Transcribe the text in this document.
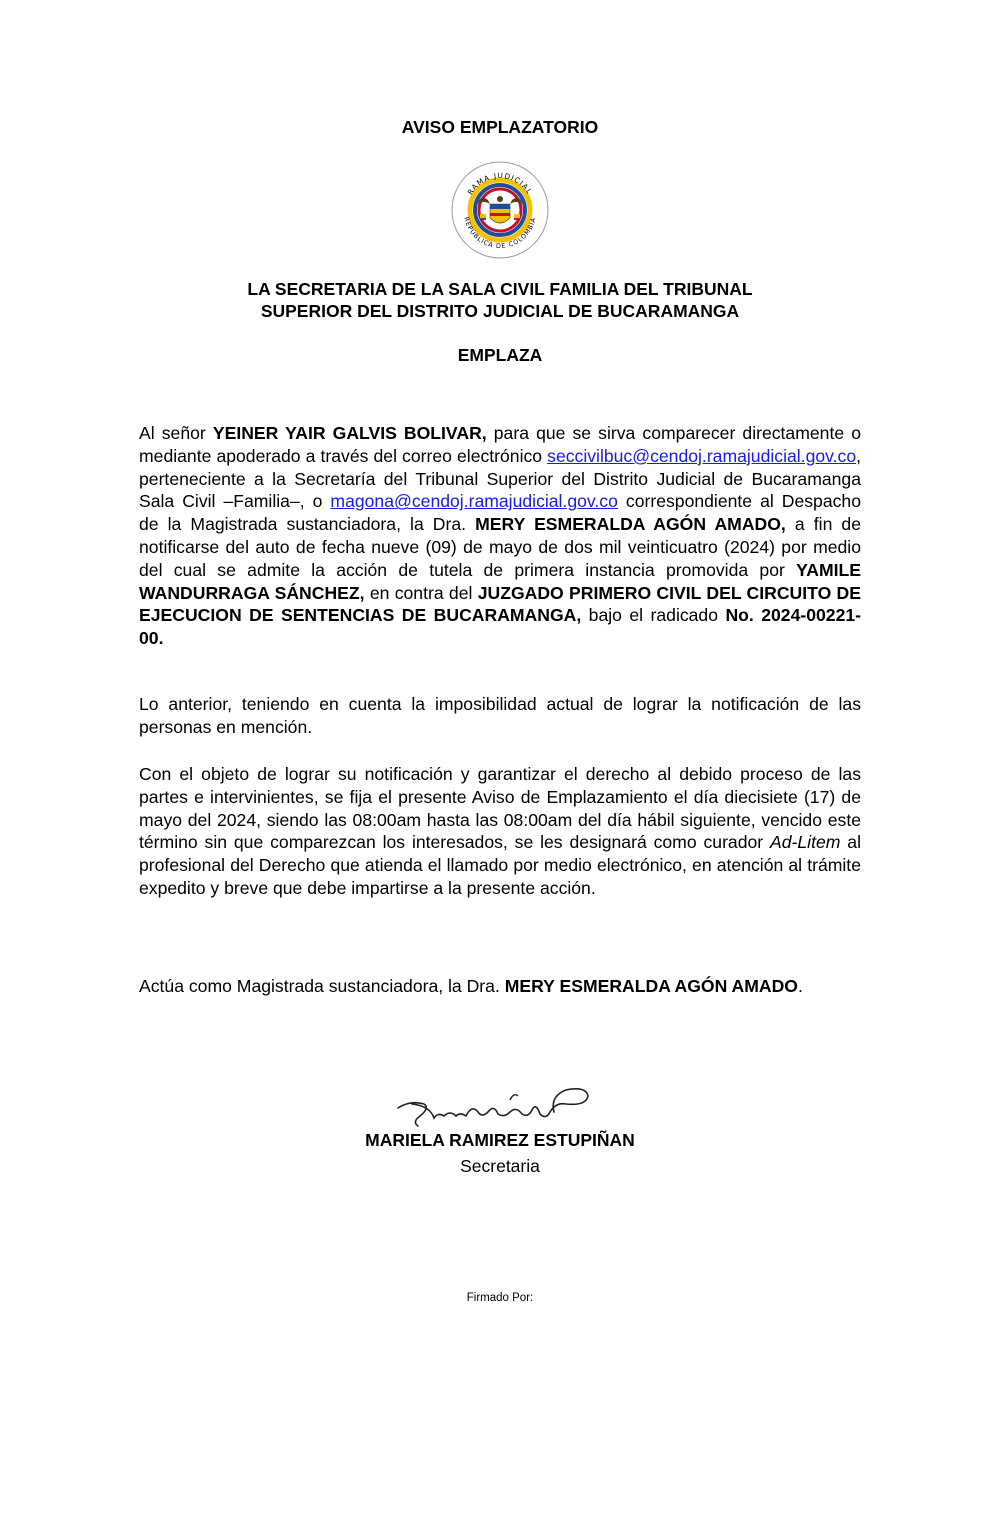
AVISO EMPLAZATORIO
RAMA JUDICIAL
REPÚBLICA DE COLOMBIA
LA SECRETARIA DE LA SALA CIVIL FAMILIA DEL TRIBUNAL
SUPERIOR DEL DISTRITO JUDICIAL DE BUCARAMANGA
EMPLAZA
Al señor YEINER YAIR GALVIS BOLIVAR, para que se sirva comparecer directamente o mediante apoderado a través del correo electrónico seccivilbuc@cendoj.ramajudicial.gov.co, perteneciente a la Secretaría del Tribunal Superior del Distrito Judicial de Bucaramanga Sala Civil –Familia–, o magona@cendoj.ramajudicial.gov.co correspondiente al Despacho de la Magistrada sustanciadora, la Dra. MERY ESMERALDA AGÓN AMADO, a fin de notificarse del auto de fecha nueve (09) de mayo de dos mil veinticuatro (2024) por medio del cual se admite la acción de tutela de primera instancia promovida por YAMILE WANDURRAGA SÁNCHEZ, en contra del JUZGADO PRIMERO CIVIL DEL CIRCUITO DE EJECUCION DE SENTENCIAS DE BUCARAMANGA, bajo el radicado No. 2024-00221-00.
Lo anterior, teniendo en cuenta la imposibilidad actual de lograr la notificación de las personas en mención.
Con el objeto de lograr su notificación y garantizar el derecho al debido proceso de las partes e intervinientes, se fija el presente Aviso de Emplazamiento el día diecisiete (17) de mayo del 2024, siendo las 08:00am hasta las 08:00am del día hábil siguiente, vencido este término sin que comparezcan los interesados, se les designará como curador Ad-Litem al profesional del Derecho que atienda el llamado por medio electrónico, en atención al trámite expedito y breve que debe impartirse a la presente acción.
Actúa como Magistrada sustanciadora, la Dra. MERY ESMERALDA AGÓN AMADO.
MARIELA RAMIREZ ESTUPIÑAN
Secretaria
Firmado Por:
